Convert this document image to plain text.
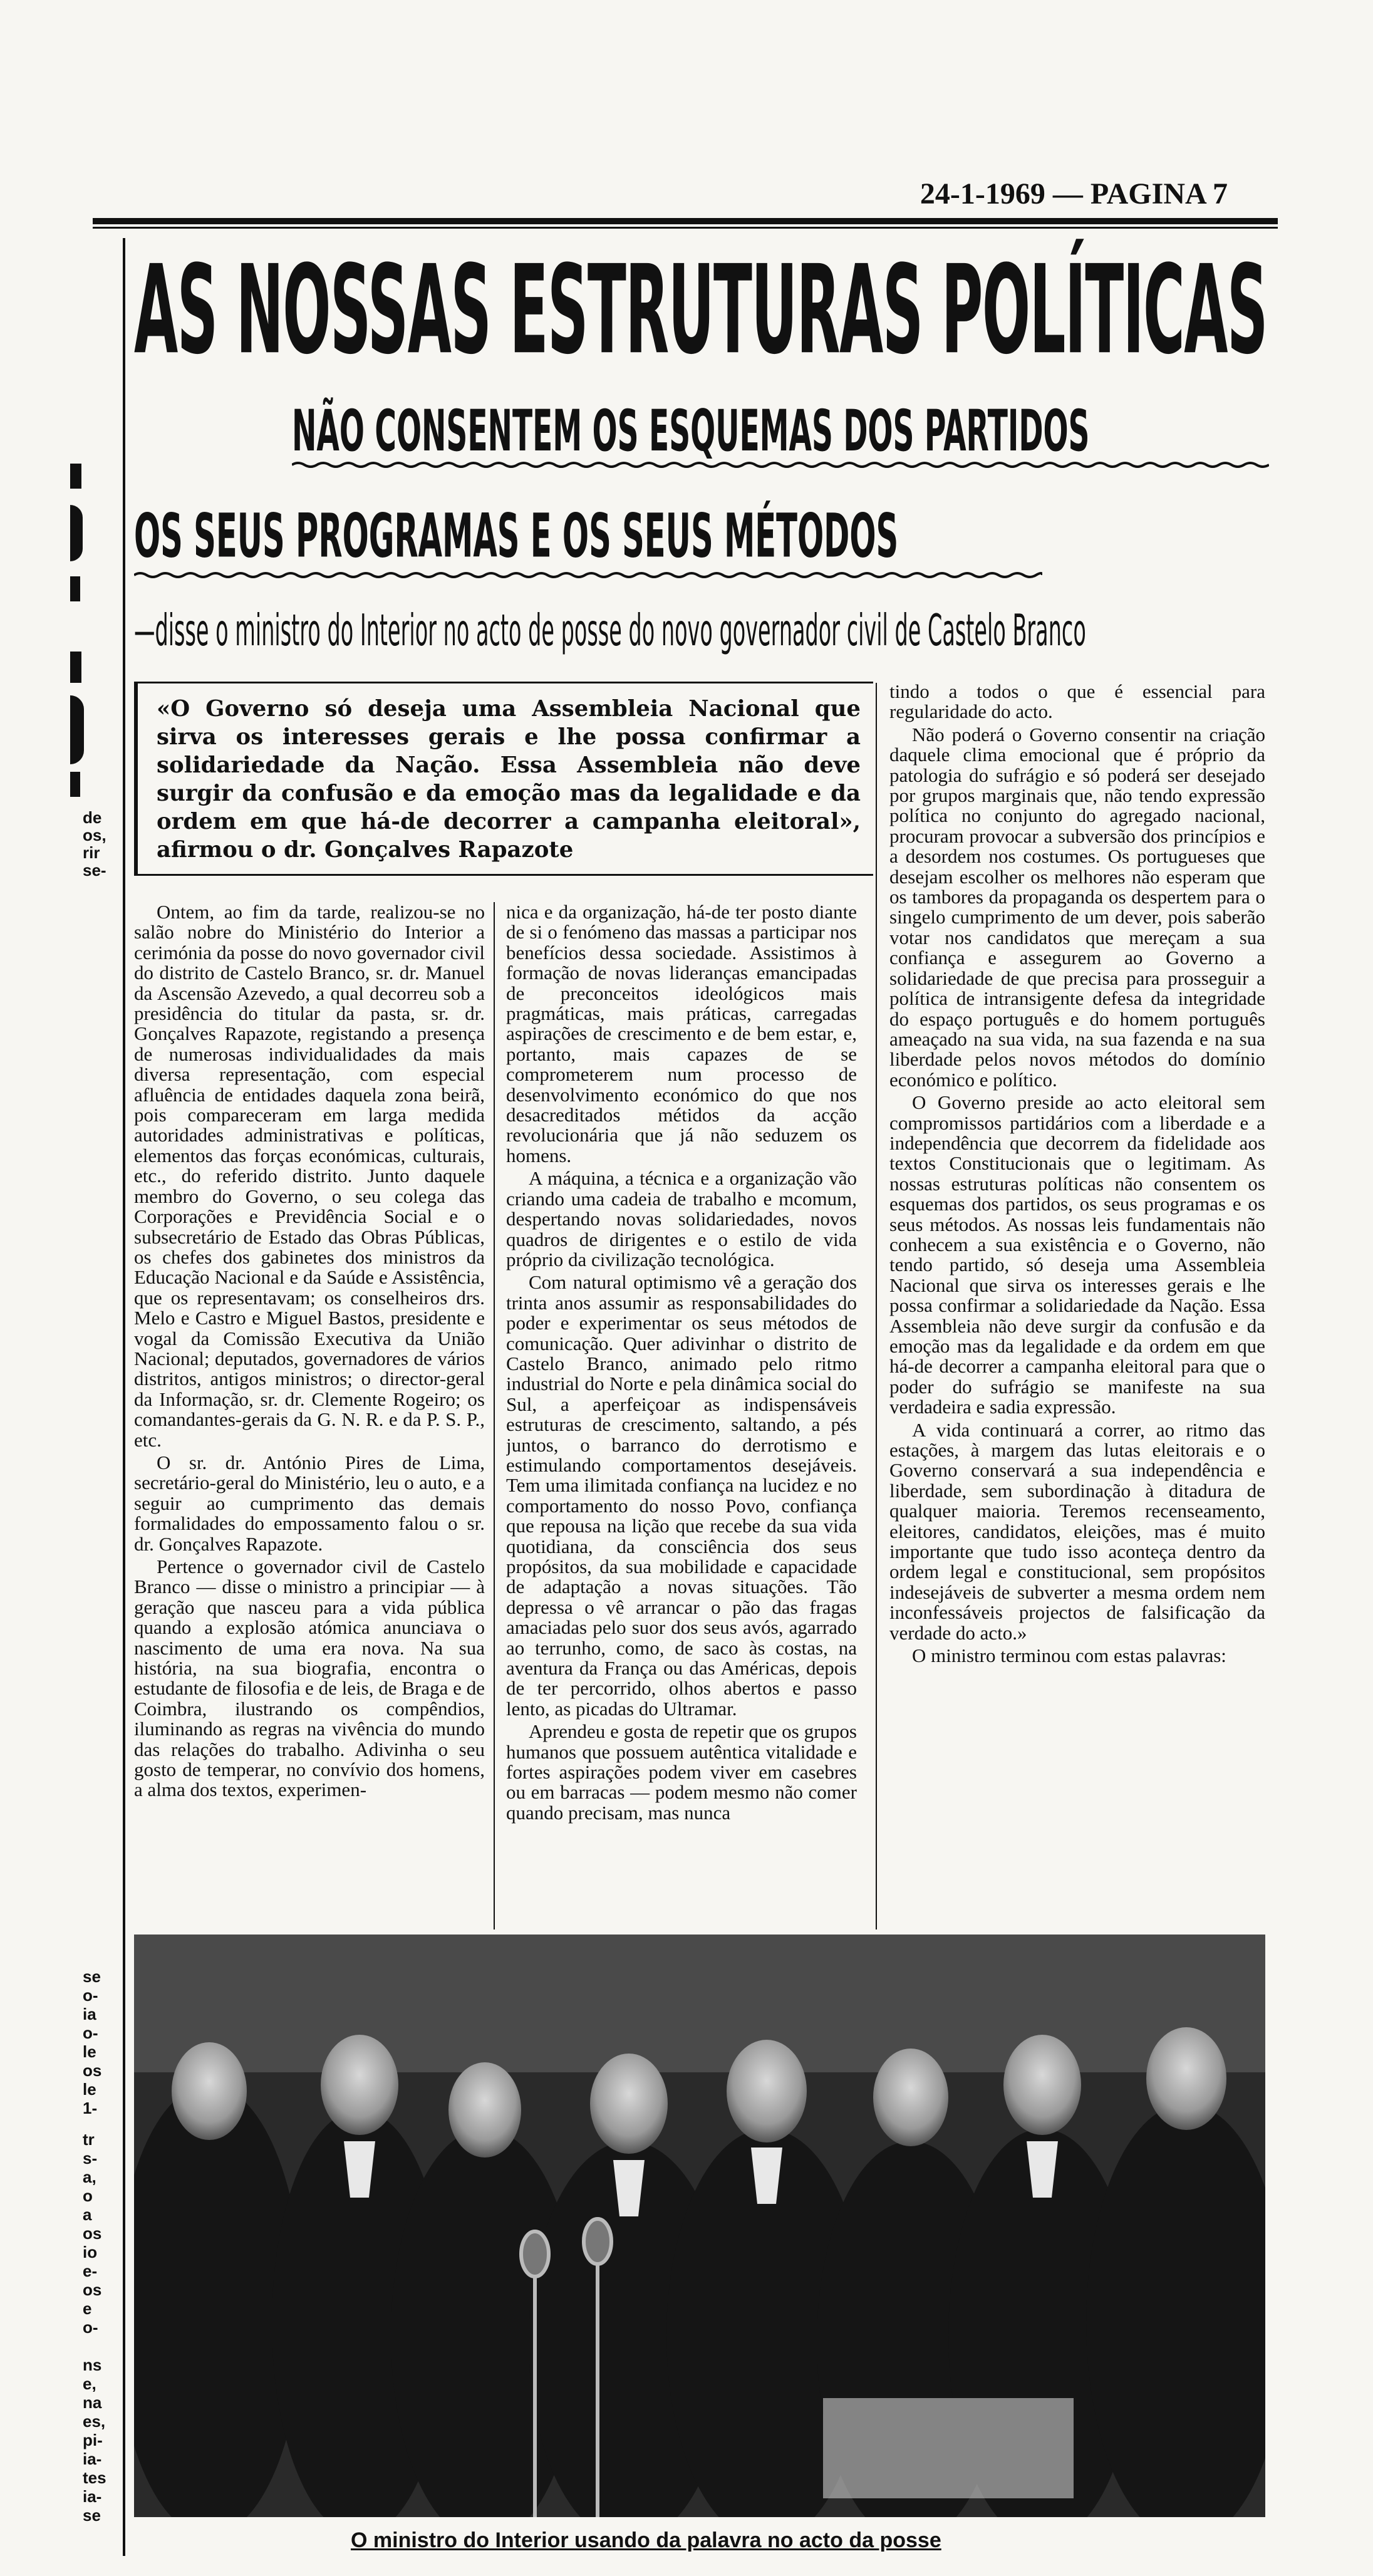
24-1-1969 — PAGINA 7
AS NOSSAS ESTRUTURAS POLÍTICAS
NÃO CONSENTEM OS ESQUEMAS DOS PARTIDOS
OS SEUS PROGRAMAS E OS SEUS MÉTODOS
—disse o ministro do Interior no acto de posse do novo governador civil de Castelo Branco

«O Governo só deseja uma Assembleia Nacional que sirva os interesses gerais e lhe possa confirmar a solidariedade da Nação. Essa Assembleia não deve surgir da confusão e da emoção mas da legalidade e da ordem em que há-de decorrer a campanha eleitoral», afirmou o dr. Gonçalves Rapazote

Ontem, ao fim da tarde, realizou-se no salão nobre do Ministério do Interior a cerimónia da posse do novo governador civil do distrito de Castelo Branco, sr. dr. Manuel da Ascensão Azevedo, a qual decorreu sob a presidência do titular da pasta, sr. dr. Gonçalves Rapazote, registando a presença de numerosas individualidades da mais diversa representação, com especial afluência de entidades daquela zona beirã, pois compareceram em larga medida autoridades administrativas e políticas, elementos das forças económicas, culturais, etc., do referido distrito. Junto daquele membro do Governo, o seu colega das Corporações e Previdência Social e o subsecretário de Estado das Obras Públicas, os chefes dos gabinetes dos ministros da Educação Nacional e da Saúde e Assistência, que os representavam; os conselheiros drs. Melo e Castro e Miguel Bastos, presidente e vogal da Comissão Executiva da União Nacional; deputados, governadores de vários distritos, antigos ministros; o director-geral da Informação, sr. dr. Clemente Rogeiro; os comandantes-gerais da G. N. R. e da P. S. P., etc.

O sr. dr. António Pires de Lima, secretário-geral do Ministério, leu o auto, e a seguir ao cumprimento das demais formalidades do empossamento falou o sr. dr. Gonçalves Rapazote.

Pertence o governador civil de Castelo Branco — disse o ministro a principiar — à geração que nasceu para a vida pública quando a explosão atómica anunciava o nascimento de uma era nova. Na sua história, na sua biografia, encontra o estudante de filosofia e de leis, de Braga e de Coimbra, ilustrando os compêndios, iluminando as regras na vivência do mundo das relações do trabalho. Adivinha o seu gosto de temperar, no convívio dos homens, a alma dos textos, experimen-

nica e da organização, há-de ter posto diante de si o fenómeno das massas a participar nos benefícios dessa sociedade. Assistimos à formação de novas lideranças emancipadas de preconceitos ideológicos mais pragmáticas, mais práticas, carregadas aspirações de crescimento e de bem estar, e, portanto, mais capazes de se comprometerem num processo de desenvolvimento económico do que nos desacreditados métidos da acção revolucionária que já não seduzem os homens.

A máquina, a técnica e a organização vão criando uma cadeia de trabalho e mcomum, despertando novas solidariedades, novos quadros de dirigentes e o estilo de vida próprio da civilização tecnológica.

Com natural optimismo vê a geração dos trinta anos assumir as responsabilidades do poder e experimentar os seus métodos de comunicação. Quer adivinhar o distrito de Castelo Branco, animado pelo ritmo industrial do Norte e pela dinâmica social do Sul, a aperfeiçoar as indispensáveis estruturas de crescimento, saltando, a pés juntos, o barranco do derrotismo e estimulando comportamentos desejáveis. Tem uma ilimitada confiança na lucidez e no comportamento do nosso Povo, confiança que repousa na lição que recebe da sua vida quotidiana, da consciência dos seus propósitos, da sua mobilidade e capacidade de adaptação a novas situações. Tão depressa o vê arrancar o pão das fragas amaciadas pelo suor dos seus avós, agarrado ao terrunho, como, de saco às costas, na aventura da França ou das Américas, depois de ter percorrido, olhos abertos e passo lento, as picadas do Ultramar.

Aprendeu e gosta de repetir que os grupos humanos que possuem autêntica vitalidade e fortes aspirações podem viver em casebres ou em barracas — podem mesmo não comer quando precisam, mas nunca

tindo a todos o que é essencial para regularidade do acto.

Não poderá o Governo consentir na criação daquele clima emocional que é próprio da patologia do sufrágio e só poderá ser desejado por grupos marginais que, não tendo expressão política no conjunto do agregado nacional, procuram provocar a subversão dos princípios e a desordem nos costumes. Os portugueses que desejam escolher os melhores não esperam que os tambores da propaganda os despertem para o singelo cumprimento de um dever, pois saberão votar nos candidatos que mereçam a sua confiança e assegurem ao Governo a solidariedade de que precisa para prosseguir a política de intransigente defesa da integridade do espaço português e do homem português ameaçado na sua vida, na sua fazenda e na sua liberdade pelos novos métodos do domínio económico e político.

O Governo preside ao acto eleitoral sem compromissos partidários com a liberdade e a independência que decorrem da fidelidade aos textos Constitucionais que o legitimam. As nossas estruturas políticas não consentem os esquemas dos partidos, os seus programas e os seus métodos. As nossas leis fundamentais não conhecem a sua existência e o Governo, não tendo partido, só deseja uma Assembleia Nacional que sirva os interesses gerais e lhe possa confirmar a solidariedade da Nação. Essa Assembleia não deve surgir da confusão e da emoção mas da legalidade e da ordem em que há-de decorrer a campanha eleitoral para que o poder do sufrágio se manifeste na sua verdadeira e sadia expressão.

A vida continuará a correr, ao ritmo das estações, à margem das lutas eleitorais e o Governo conservará a sua independência e liberdade, sem subordinação à ditadura de qualquer maioria. Teremos recenseamento, eleitores, candidatos, eleições, mas é muito importante que tudo isso aconteça dentro da ordem legal e constitucional, sem propósitos indesejáveis de subverter a mesma ordem nem inconfessáveis projectos de falsificação da verdade do acto.»

O ministro terminou com estas palavras:

O ministro do Interior usando da palavra no acto da posse
de
os,
rir
se-
se
o-
ia
o-
le
os
le
1-
tr
s-
a,
o
a
os
io
e-
os
e
o-
ns
e,
na
es,
pi-
ia-
tes
ia-
se
